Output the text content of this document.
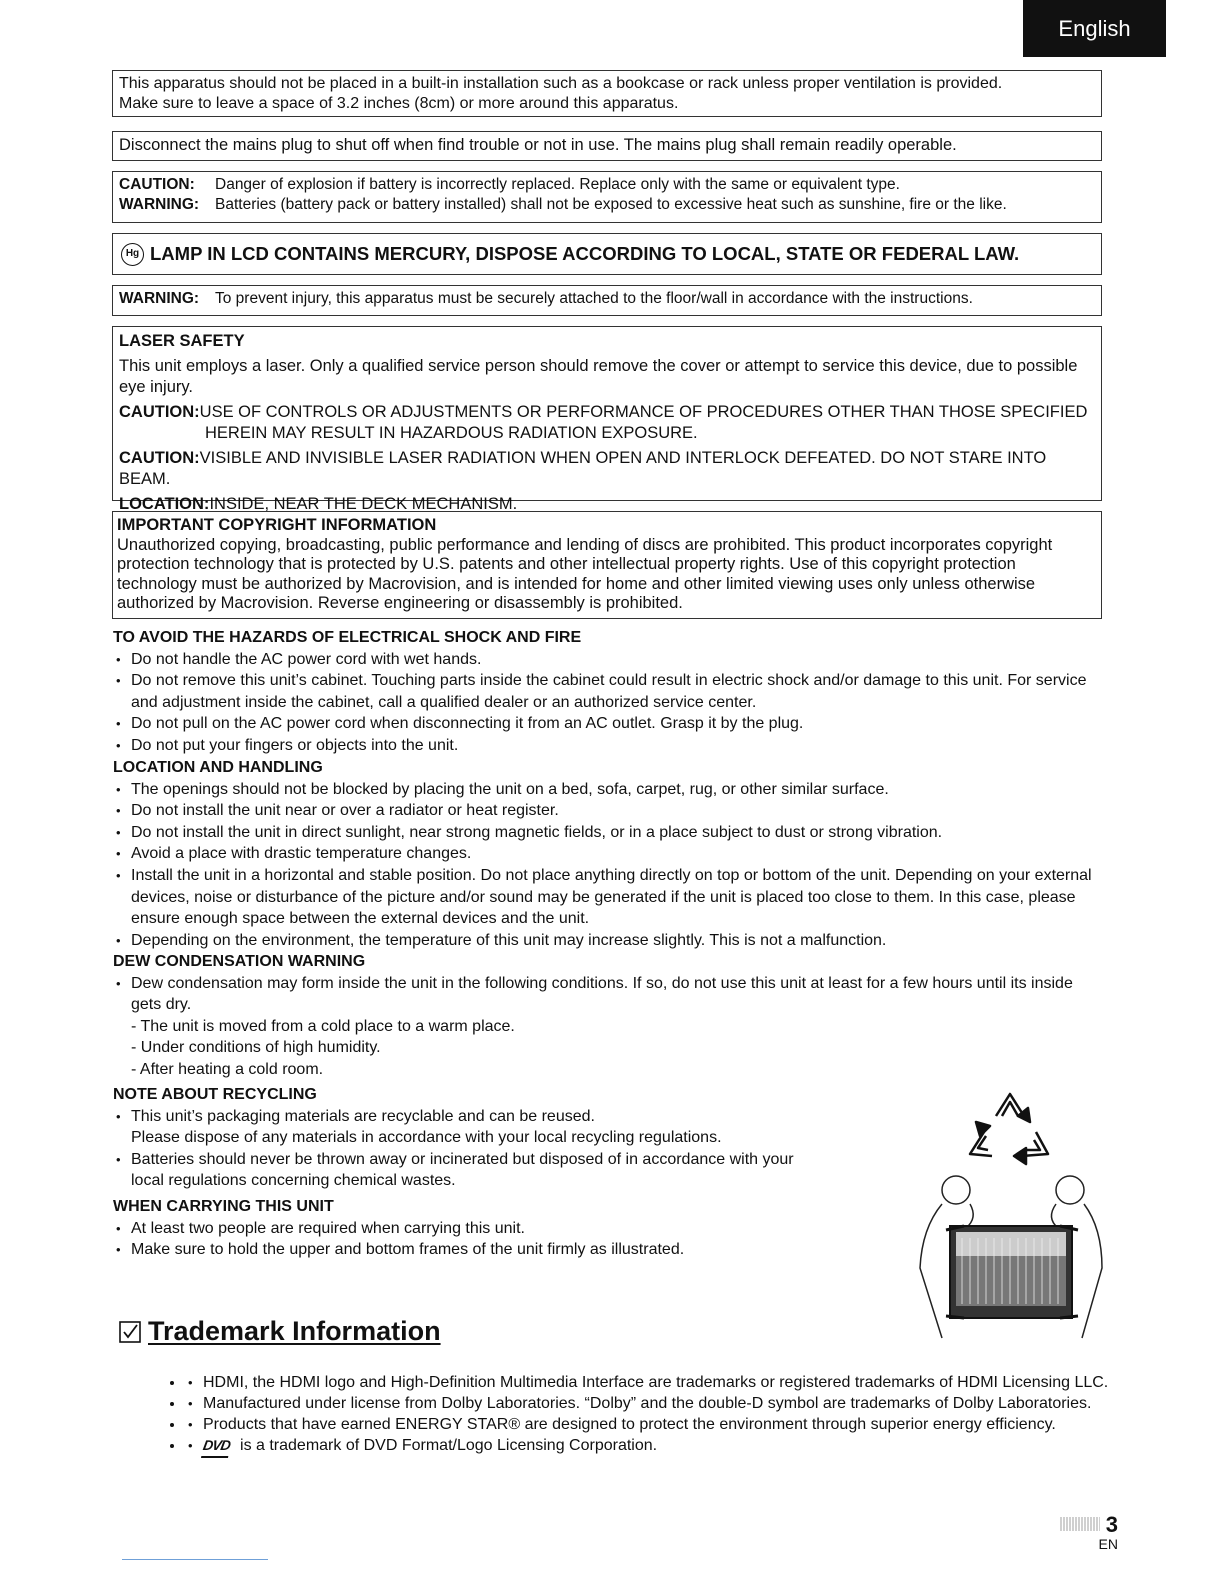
English

This apparatus should not be placed in a built-in installation such as a bookcase or rack unless proper ventilation is provided.

Make sure to leave a space of 3.2 inches (8cm) or more around this apparatus.

Disconnect the mains plug to shut off when find trouble or not in use. The mains plug shall remain readily operable.

CAUTION:	Danger of explosion if battery is incorrectly replaced. Replace only with the same or equivalent type.
WARNING:	Batteries (battery pack or battery installed) shall not be exposed to excessive heat such as sunshine, fire or the like.
Hg LAMP IN LCD CONTAINS MERCURY, DISPOSE ACCORDING TO LOCAL, STATE OR FEDERAL LAW.
WARNING:	To prevent injury, this apparatus must be securely attached to the floor/wall in accordance with the instructions.

LASER SAFETY

This unit employs a laser. Only a qualified service person should remove the cover or attempt to service this device, due to possible eye injury.

CAUTION:USE OF CONTROLS OR ADJUSTMENTS OR PERFORMANCE OF PROCEDURES OTHER THAN THOSE SPECIFIED
HEREIN MAY RESULT IN HAZARDOUS RADIATION EXPOSURE.

CAUTION:VISIBLE AND INVISIBLE LASER RADIATION WHEN OPEN AND INTERLOCK DEFEATED. DO NOT STARE INTO BEAM.

LOCATION:INSIDE, NEAR THE DECK MECHANISM.

IMPORTANT COPYRIGHT INFORMATION

Unauthorized copying, broadcasting, public performance and lending of discs are prohibited. This product incorporates copyright protection technology that is protected by U.S. patents and other intellectual property rights. Use of this copyright protection technology must be authorized by Macrovision, and is intended for home and other limited viewing uses only unless otherwise authorized by Macrovision. Reverse engineering or disassembly is prohibited.

TO AVOID THE HAZARDS OF ELECTRICAL SHOCK AND FIRE
• Do not handle the AC power cord with wet hands.
• Do not remove this unit’s cabinet. Touching parts inside the cabinet could result in electric shock and/or damage to this unit. For service and adjustment inside the cabinet, call a qualified dealer or an authorized service center.
• Do not pull on the AC power cord when disconnecting it from an AC outlet. Grasp it by the plug.
• Do not put your fingers or objects into the unit.
LOCATION AND HANDLING
• The openings should not be blocked by placing the unit on a bed, sofa, carpet, rug, or other similar surface.
• Do not install the unit near or over a radiator or heat register.
• Do not install the unit in direct sunlight, near strong magnetic fields, or in a place subject to dust or strong vibration.
• Avoid a place with drastic temperature changes.
• Install the unit in a horizontal and stable position. Do not place anything directly on top or bottom of the unit. Depending on your external devices, noise or disturbance of the picture and/or sound may be generated if the unit is placed too close to them. In this case, please ensure enough space between the external devices and the unit.
• Depending on the environment, the temperature of this unit may increase slightly. This is not a malfunction.
DEW CONDENSATION WARNING
• Dew condensation may form inside the unit in the following conditions. If so, do not use this unit at least for a few hours until its inside gets dry.
- The unit is moved from a cold place to a warm place.
- Under conditions of high humidity.
- After heating a cold room.
NOTE ABOUT RECYCLING
• This unit’s packaging materials are recyclable and can be reused.
Please dispose of any materials in accordance with your local recycling regulations.
• Batteries should never be thrown away or incinerated but disposed of in accordance with your
local regulations concerning chemical wastes.
WHEN CARRYING THIS UNIT
• At least two people are required when carrying this unit.
• Make sure to hold the upper and bottom frames of the unit firmly as illustrated.
Trademark Information
• • HDMI, the HDMI logo and High-Definition Multimedia Interface are trademarks or registered trademarks of HDMI Licensing LLC.
• • Manufactured under license from Dolby Laboratories. “Dolby” and the double-D symbol are trademarks of Dolby Laboratories.
• • Products that have earned ENERGY STAR® are designed to protect the environment through superior energy efficiency.
• • DVD is a trademark of DVD Format/Logo Licensing Corporation.
3
EN
